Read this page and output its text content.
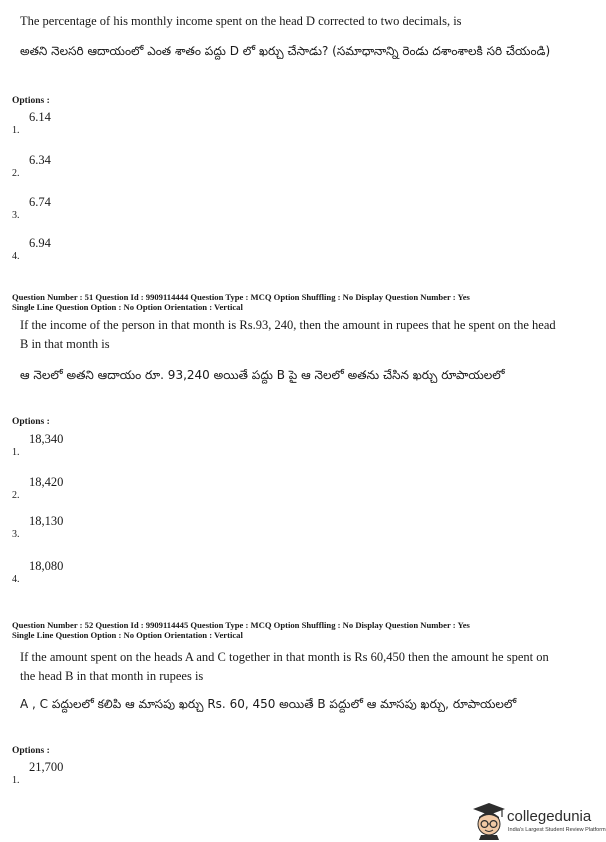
The percentage of his monthly income spent on the head D corrected to two decimals, is
అతని నెలసరి ఆదాయంలో ఎంత శాతం పద్దు D లో ఖర్చు చేసాడు? (సమాధానాన్ని రెండు దశాంశాలకి సరి చేయండి)
Options :
1.
6.14
2.
6.34
3.
6.74
4.
6.94
Question Number : 51 Question Id : 9909114444 Question Type : MCQ Option Shuffling : No Display Question Number : Yes
Single Line Question Option : No Option Orientation : Vertical
If the income of the person in that month is Rs.93, 240, then the amount in rupees that he spent on the head B in that month is
ఆ నెలలో అతని ఆదాయం రూ. 93,240 అయితే పద్దు B పై ఆ నెలలో అతను చేసిన ఖర్చు రూపాయలలో
Options :
1.
18,340
2.
18,420
3.
18,130
4.
18,080
Question Number : 52 Question Id : 9909114445 Question Type : MCQ Option Shuffling : No Display Question Number : Yes
Single Line Question Option : No Option Orientation : Vertical
If the amount spent on the heads A and C together in that month is Rs 60,450 then the amount he spent on the head B in that month in rupees is
A , C పద్దులలో కలిపి ఆ మాసపు ఖర్చు Rs. 60, 450 అయితే B పద్దులో ఆ మాసపు ఖర్చు, రూపాయలలో
Options :
1.
21,700
collegedunia
India's Largest Student Review Platform
